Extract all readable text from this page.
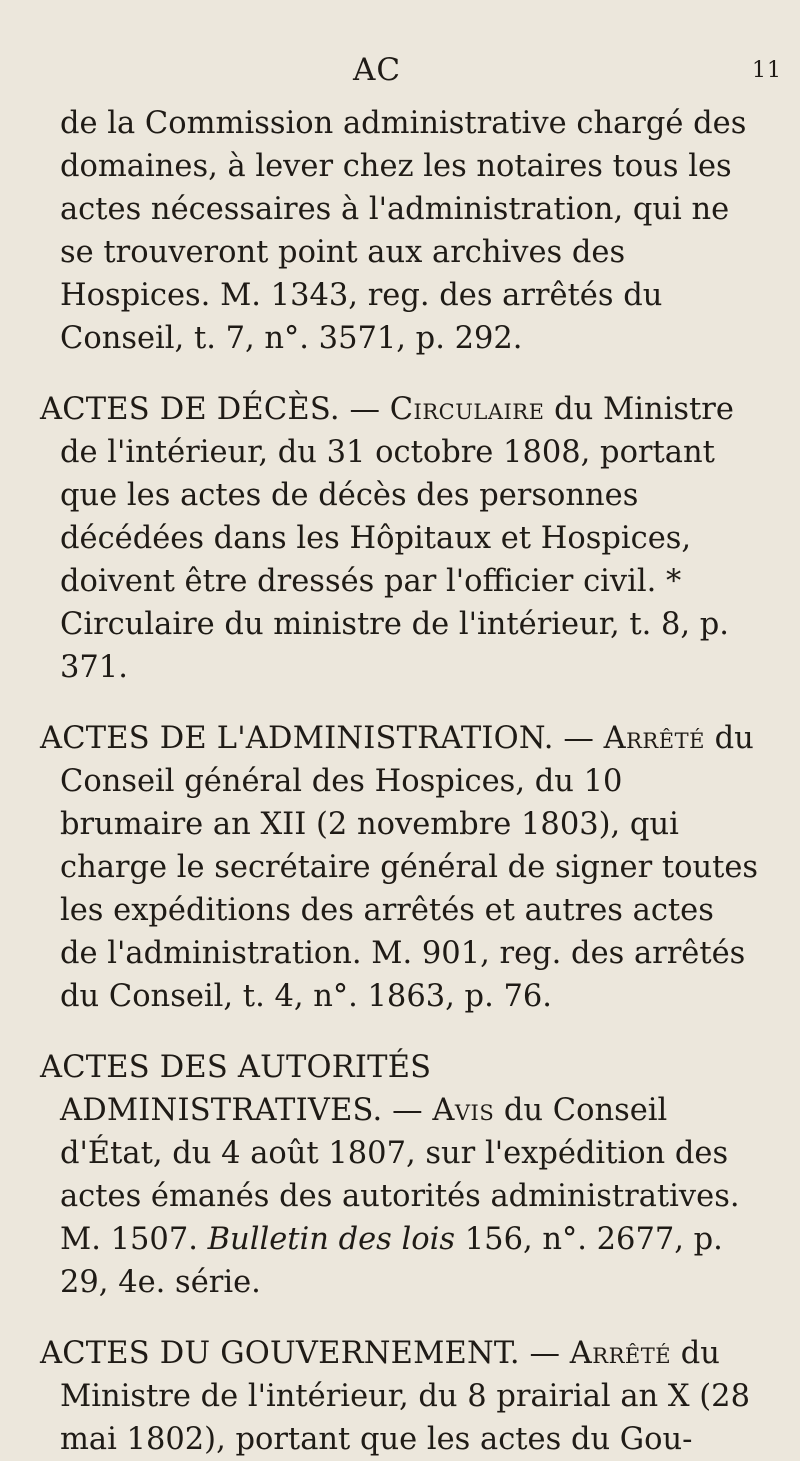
AC	11

de la Commission administrative chargé des domaines, à lever chez les notaires tous les actes nécessaires à l'administration, qui ne se trouveront point aux archives des Hospices. M. 1343, reg. des arrêtés du Conseil, t. 7, n°. 3571, p. 292.

ACTES DE DÉCÈS. — Circulaire du Ministre de l'intérieur, du 31 octobre 1808, portant que les actes de décès des personnes décédées dans les Hôpitaux et Hospices, doivent être dressés par l'officier civil. * Circulaire du ministre de l'intérieur, t. 8, p. 371.

ACTES DE L'ADMINISTRATION. — Arrêté du Conseil général des Hospices, du 10 brumaire an XII (2 novembre 1803), qui charge le secrétaire général de signer toutes les expéditions des arrêtés et autres actes de l'administration. M. 901, reg. des arrêtés du Conseil, t. 4, n°. 1863, p. 76.

ACTES DES AUTORITÉS ADMINISTRATIVES. — Avis du Conseil d'État, du 4 août 1807, sur l'expédition des actes émanés des autorités administratives. M. 1507. Bulletin des lois 156, n°. 2677, p. 29, 4e. série.

ACTES DU GOUVERNEMENT. — Arrêté du Ministre de l'intérieur, du 8 prairial an X (28 mai 1802), portant que les actes du Gou-
